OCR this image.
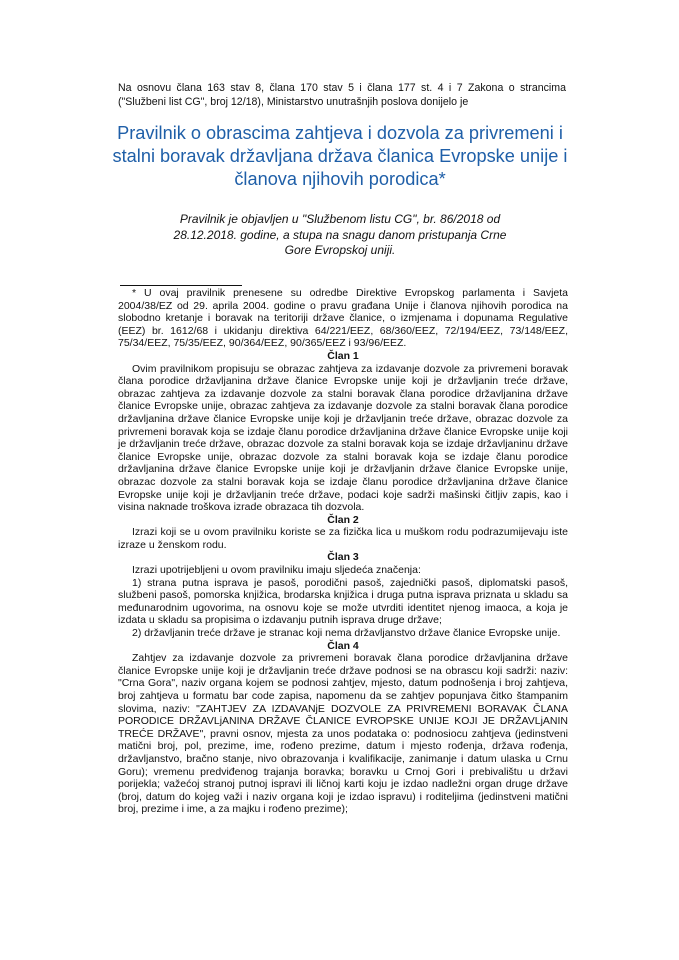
Na osnovu člana 163 stav 8, člana 170 stav 5 i člana 177 st. 4 i 7 Zakona o strancima ("Službeni list CG", broj 12/18), Ministarstvo unutrašnjih poslova donijelo je
Pravilnik o obrascima zahtjeva i dozvola za privremeni i stalni boravak državljana država članica Evropske unije i članova njihovih porodica*
Pravilnik je objavljen u "Službenom listu CG", br. 86/2018 od 28.12.2018. godine, a stupa na snagu danom pristupanja Crne Gore Evropskoj uniji.

* U ovaj pravilnik prenesene su odredbe Direktive Evropskog parlamenta i Savjeta 2004/38/EZ od 29. aprila 2004. godine o pravu građana Unije i članova njihovih porodica na slobodno kretanje i boravak na teritoriji države članice, o izmjenama i dopunama Regulative (EEZ) br. 1612/68 i ukidanju direktiva 64/221/EEZ, 68/360/EEZ, 72/194/EEZ, 73/148/EEZ, 75/34/EEZ, 75/35/EEZ, 90/364/EEZ, 90/365/EEZ i 93/96/EEZ.

Član 1

Ovim pravilnikom propisuju se obrazac zahtjeva za izdavanje dozvole za privremeni boravak člana porodice državljanina države članice Evropske unije koji je državljanin treće države, obrazac zahtjeva za izdavanje dozvole za stalni boravak člana porodice državljanina države članice Evropske unije, obrazac zahtjeva za izdavanje dozvole za stalni boravak člana porodice državljanina države članice Evropske unije koji je državljanin treće države, obrazac dozvole za privremeni boravak koja se izdaje članu porodice državljanina države članice Evropske unije koji je državljanin treće države, obrazac dozvole za stalni boravak koja se izdaje državljaninu države članice Evropske unije, obrazac dozvole za stalni boravak koja se izdaje članu porodice državljanina države članice Evropske unije koji je državljanin države članice Evropske unije, obrazac dozvole za stalni boravak koja se izdaje članu porodice državljanina države članice Evropske unije koji je državljanin treće države, podaci koje sadrži mašinski čitljiv zapis, kao i visina naknade troškova izrade obrazaca tih dozvola.

Član 2

Izrazi koji se u ovom pravilniku koriste se za fizička lica u muškom rodu podrazumijevaju iste izraze u ženskom rodu.

Član 3

Izrazi upotrijebljeni u ovom pravilniku imaju sljedeća značenja:

1) strana putna isprava je pasoš, porodični pasoš, zajednički pasoš, diplomatski pasoš, službeni pasoš, pomorska knjižica, brodarska knjižica i druga putna isprava priznata u skladu sa međunarodnim ugovorima, na osnovu koje se može utvrditi identitet njenog imaoca, a koja je izdata u skladu sa propisima o izdavanju putnih isprava druge države;

2) državljanin treće države je stranac koji nema državljanstvo države članice Evropske unije.

Član 4

Zahtjev za izdavanje dozvole za privremeni boravak člana porodice državljanina države članice Evropske unije koji je državljanin treće države podnosi se na obrascu koji sadrži: naziv: "Crna Gora", naziv organa kojem se podnosi zahtjev, mjesto, datum podnošenja i broj zahtjeva, broj zahtjeva u formatu bar code zapisa, napomenu da se zahtjev popunjava čitko štampanim slovima, naziv: "ZAHTJEV ZA IZDAVANjE DOZVOLE ZA PRIVREMENI BORAVAK ČLANA PORODICE DRŽAVLjANINA DRŽAVE ČLANICE EVROPSKE UNIJE KOJI JE DRŽAVLjANIN TREĆE DRŽAVE", pravni osnov, mjesta za unos podataka o: podnosiocu zahtjeva (jedinstveni matični broj, pol, prezime, ime, rođeno prezime, datum i mjesto rođenja, država rođenja, državljanstvo, bračno stanje, nivo obrazovanja i kvalifikacije, zanimanje i datum ulaska u Crnu Goru); vremenu predviđenog trajanja boravka; boravku u Crnoj Gori i prebivalištu u državi porijekla; važećoj stranoj putnoj ispravi ili ličnoj karti koju je izdao nadležni organ druge države (broj, datum do kojeg važi i naziv organa koji je izdao ispravu) i roditeljima (jedinstveni matični broj, prezime i ime, a za majku i rođeno prezime);
